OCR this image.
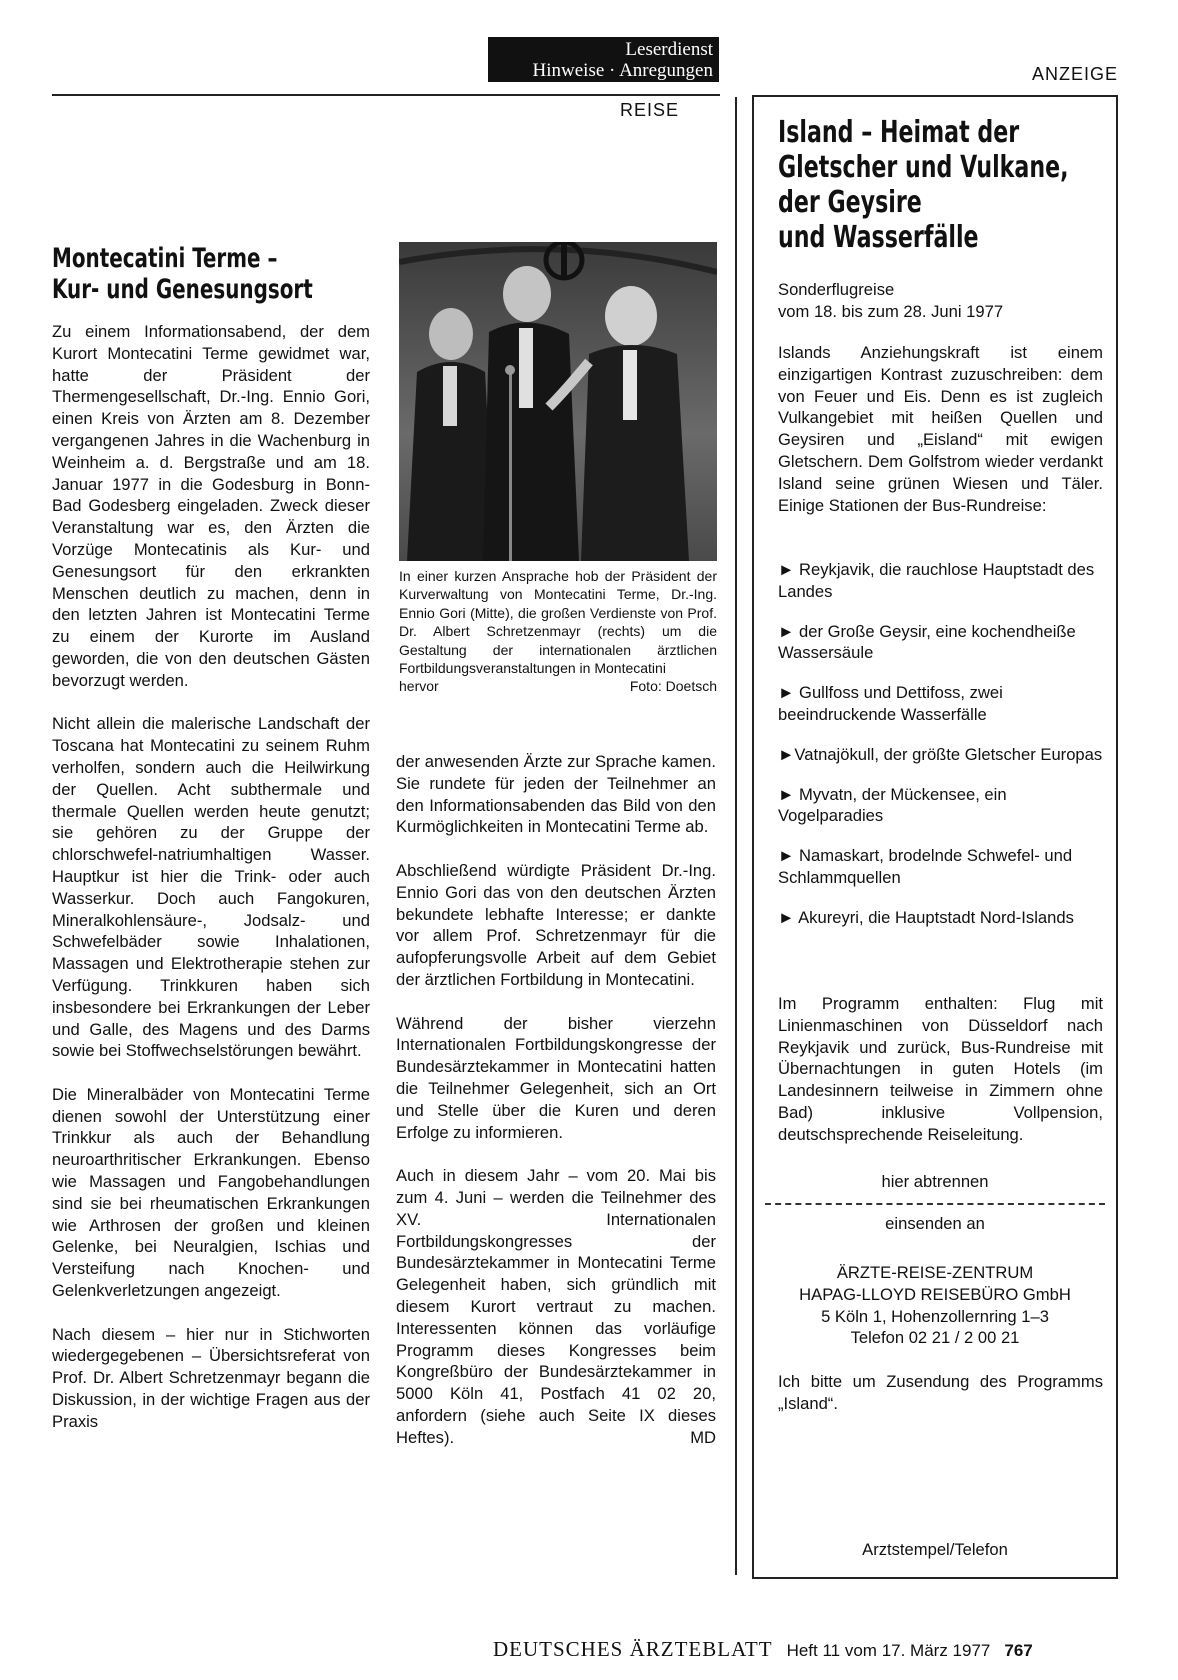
Leserdienst
Hinweise · Anregungen
REISE
ANZEIGE
Montecatini Terme –
Kur- und Genesungsort

Zu einem Informationsabend, der dem Kurort Montecatini Terme gewidmet war, hatte der Präsident der Thermengesellschaft, Dr.-Ing. Ennio Gori, einen Kreis von Ärzten am 8. Dezember vergangenen Jahres in die Wachenburg in Weinheim a. d. Bergstraße und am 18. Januar 1977 in die Godesburg in Bonn-Bad Godesberg eingeladen. Zweck dieser Veranstaltung war es, den Ärzten die Vorzüge Montecatinis als Kur- und Genesungsort für den erkrankten Menschen deutlich zu machen, denn in den letzten Jahren ist Montecatini Terme zu einem der Kurorte im Ausland geworden, die von den deutschen Gästen bevorzugt werden.

Nicht allein die malerische Landschaft der Toscana hat Montecatini zu seinem Ruhm verholfen, sondern auch die Heilwirkung der Quellen. Acht subthermale und thermale Quellen werden heute genutzt; sie gehören zu der Gruppe der chlorschwefel-natriumhaltigen Wasser. Hauptkur ist hier die Trink- oder auch Wasserkur. Doch auch Fangokuren, Mineralkohlensäure-, Jodsalz- und Schwefelbäder sowie Inhalationen, Massagen und Elektrotherapie stehen zur Verfügung. Trinkkuren haben sich insbesondere bei Erkrankungen der Leber und Galle, des Magens und des Darms sowie bei Stoffwechselstörungen bewährt.

Die Mineralbäder von Montecatini Terme dienen sowohl der Unterstützung einer Trinkkur als auch der Behandlung neuroarthritischer Erkrankungen. Ebenso wie Massagen und Fangobehandlungen sind sie bei rheumatischen Erkrankungen wie Arthrosen der großen und kleinen Gelenke, bei Neuralgien, Ischias und Versteifung nach Knochen- und Gelenkverletzungen angezeigt.

Nach diesem – hier nur in Stichworten wiedergegebenen – Übersichtsreferat von Prof. Dr. Albert Schretzenmayr begann die Diskussion, in der wichtige Fragen aus der Praxis

In einer kurzen Ansprache hob der Präsident der Kurverwaltung von Montecatini Terme, Dr.-Ing. Ennio Gori (Mitte), die großen Verdienste von Prof. Dr. Albert Schretzenmayr (rechts) um die Gestaltung der internationalen ärztlichen Fortbildungsveranstaltungen in Montecatini
hervor	Foto: Doetsch

der anwesenden Ärzte zur Sprache kamen. Sie rundete für jeden der Teilnehmer an den Informationsabenden das Bild von den Kurmöglichkeiten in Montecatini Terme ab.

Abschließend würdigte Präsident Dr.-Ing. Ennio Gori das von den deutschen Ärzten bekundete lebhafte Interesse; er dankte vor allem Prof. Schretzenmayr für die aufopferungsvolle Arbeit auf dem Gebiet der ärztlichen Fortbildung in Montecatini.

Während der bisher vierzehn Internationalen Fortbildungskongresse der Bundesärztekammer in Montecatini hatten die Teilnehmer Gelegenheit, sich an Ort und Stelle über die Kuren und deren Erfolge zu informieren.

Auch in diesem Jahr – vom 20. Mai bis zum 4. Juni – werden die Teilnehmer des XV. Internationalen Fortbildungskongresses der Bundesärztekammer in Montecatini Terme Gelegenheit haben, sich gründlich mit diesem Kurort vertraut zu machen. Interessenten können das vorläufige Programm dieses Kongresses beim Kongreßbüro der Bundesärztekammer in 5000 Köln 41, Postfach 41 02 20, anfordern (siehe auch Seite IX dieses Heftes).	MD

Island – Heimat der
Gletscher und Vulkane,
der Geysire
und Wasserfälle
Sonderflugreise
vom 18. bis zum 28. Juni 1977
Islands Anziehungskraft ist einem einzigartigen Kontrast zuzuschreiben: dem von Feuer und Eis. Denn es ist zugleich Vulkangebiet mit heißen Quellen und Geysiren und „Eisland“ mit ewigen Gletschern. Dem Golfstrom wieder verdankt Island seine grünen Wiesen und Täler. Einige Stationen der Bus-Rundreise:
► Reykjavik, die rauchlose Hauptstadt des Landes
► der Große Geysir, eine kochendheiße Wassersäule
► Gullfoss und Dettifoss, zwei beeindruckende Wasserfälle
►Vatnajökull, der größte Gletscher Europas
► Myvatn, der Mückensee, ein Vogelparadies
► Namaskart, brodelnde Schwefel- und Schlammquellen
► Akureyri, die Hauptstadt Nord-Islands
Im Programm enthalten: Flug mit Linienmaschinen von Düsseldorf nach Reykjavik und zurück, Bus-Rundreise mit Übernachtungen in guten Hotels (im Landesinnern teilweise in Zimmern ohne Bad) inklusive Vollpension, deutschsprechende Reiseleitung.
hier abtrennen
einsenden an
ÄRZTE-REISE-ZENTRUM
HAPAG-LLOYD REISEBÜRO GmbH
5 Köln 1, Hohenzollernring 1–3
Telefon 02 21 / 2 00 21
Ich bitte um Zusendung des Programms „Island“.
Arztstempel/Telefon
DEUTSCHES ÄRZTEBLATT Heft 11 vom 17. März 1977 767
